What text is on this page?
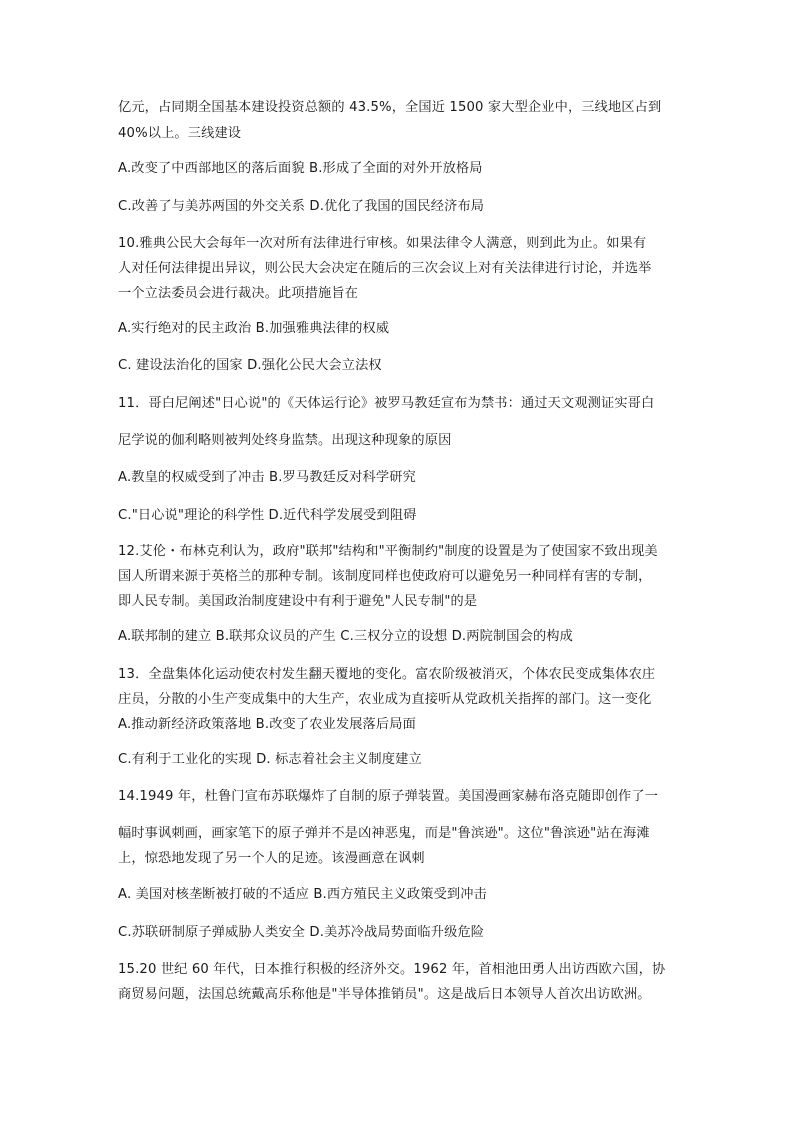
亿元，占同期全国基本建设投资总额的 43.5%，全国近 1500 家大型企业中，三线地区占到
40%以上。三线建设
A.改变了中西部地区的落后面貌 B.形成了全面的对外开放格局
C.改善了与美苏两国的外交关系 D.优化了我国的国民经济布局
10.雅典公民大会每年一次对所有法律进行审核。如果法律令人满意，则到此为止。如果有
人对任何法律提出异议，则公民大会决定在随后的三次会议上对有关法律进行讨论，并选举
一个立法委员会进行裁决。此项措施旨在
A.实行绝对的民主政治 B.加强雅典法律的权威
C. 建设法治化的国家 D.强化公民大会立法权
11．哥白尼阐述"日心说"的《天体运行论》被罗马教廷宣布为禁书：通过天文观测证实哥白
尼学说的伽利略则被判处终身监禁。出现这种现象的原因
A.教皇的权威受到了冲击 B.罗马教廷反对科学研究
C."日心说"理论的科学性 D.近代科学发展受到阻碍
12.艾伦・布林克利认为，政府"联邦"结构和"平衡制约"制度的设置是为了使国家不致出现美
国人所谓来源于英格兰的那种专制。该制度同样也使政府可以避免另一种同样有害的专制，
即人民专制。美国政治制度建设中有利于避免"人民专制"的是
A.联邦制的建立 B.联邦众议员的产生 C.三权分立的设想 D.两院制国会的构成
13．全盘集体化运动使农村发生翻天覆地的变化。富农阶级被消灭，个体农民变成集体农庄
庄员，分散的小生产变成集中的大生产，农业成为直接听从党政机关指挥的部门。这一变化
A.推动新经济政策落地 B.改变了农业发展落后局面
C.有利于工业化的实现 D. 标志着社会主义制度建立
14.1949 年，杜鲁门宣布苏联爆炸了自制的原子弹装置。美国漫画家赫布洛克随即创作了一
幅时事讽刺画，画家笔下的原子弹并不是凶神恶鬼，而是"鲁滨逊"。这位"鲁滨逊"站在海滩
上，惊恐地发现了另一个人的足迹。该漫画意在讽刺
A. 美国对核垄断被打破的不适应 B.西方殖民主义政策受到冲击
C.苏联研制原子弹威胁人类安全 D.美苏冷战局势面临升级危险
15.20 世纪 60 年代，日本推行积极的经济外交。1962 年，首相池田勇人出访西欧六国，协
商贸易问题，法国总统戴高乐称他是"半导体推销员"。这是战后日本领导人首次出访欧洲。
